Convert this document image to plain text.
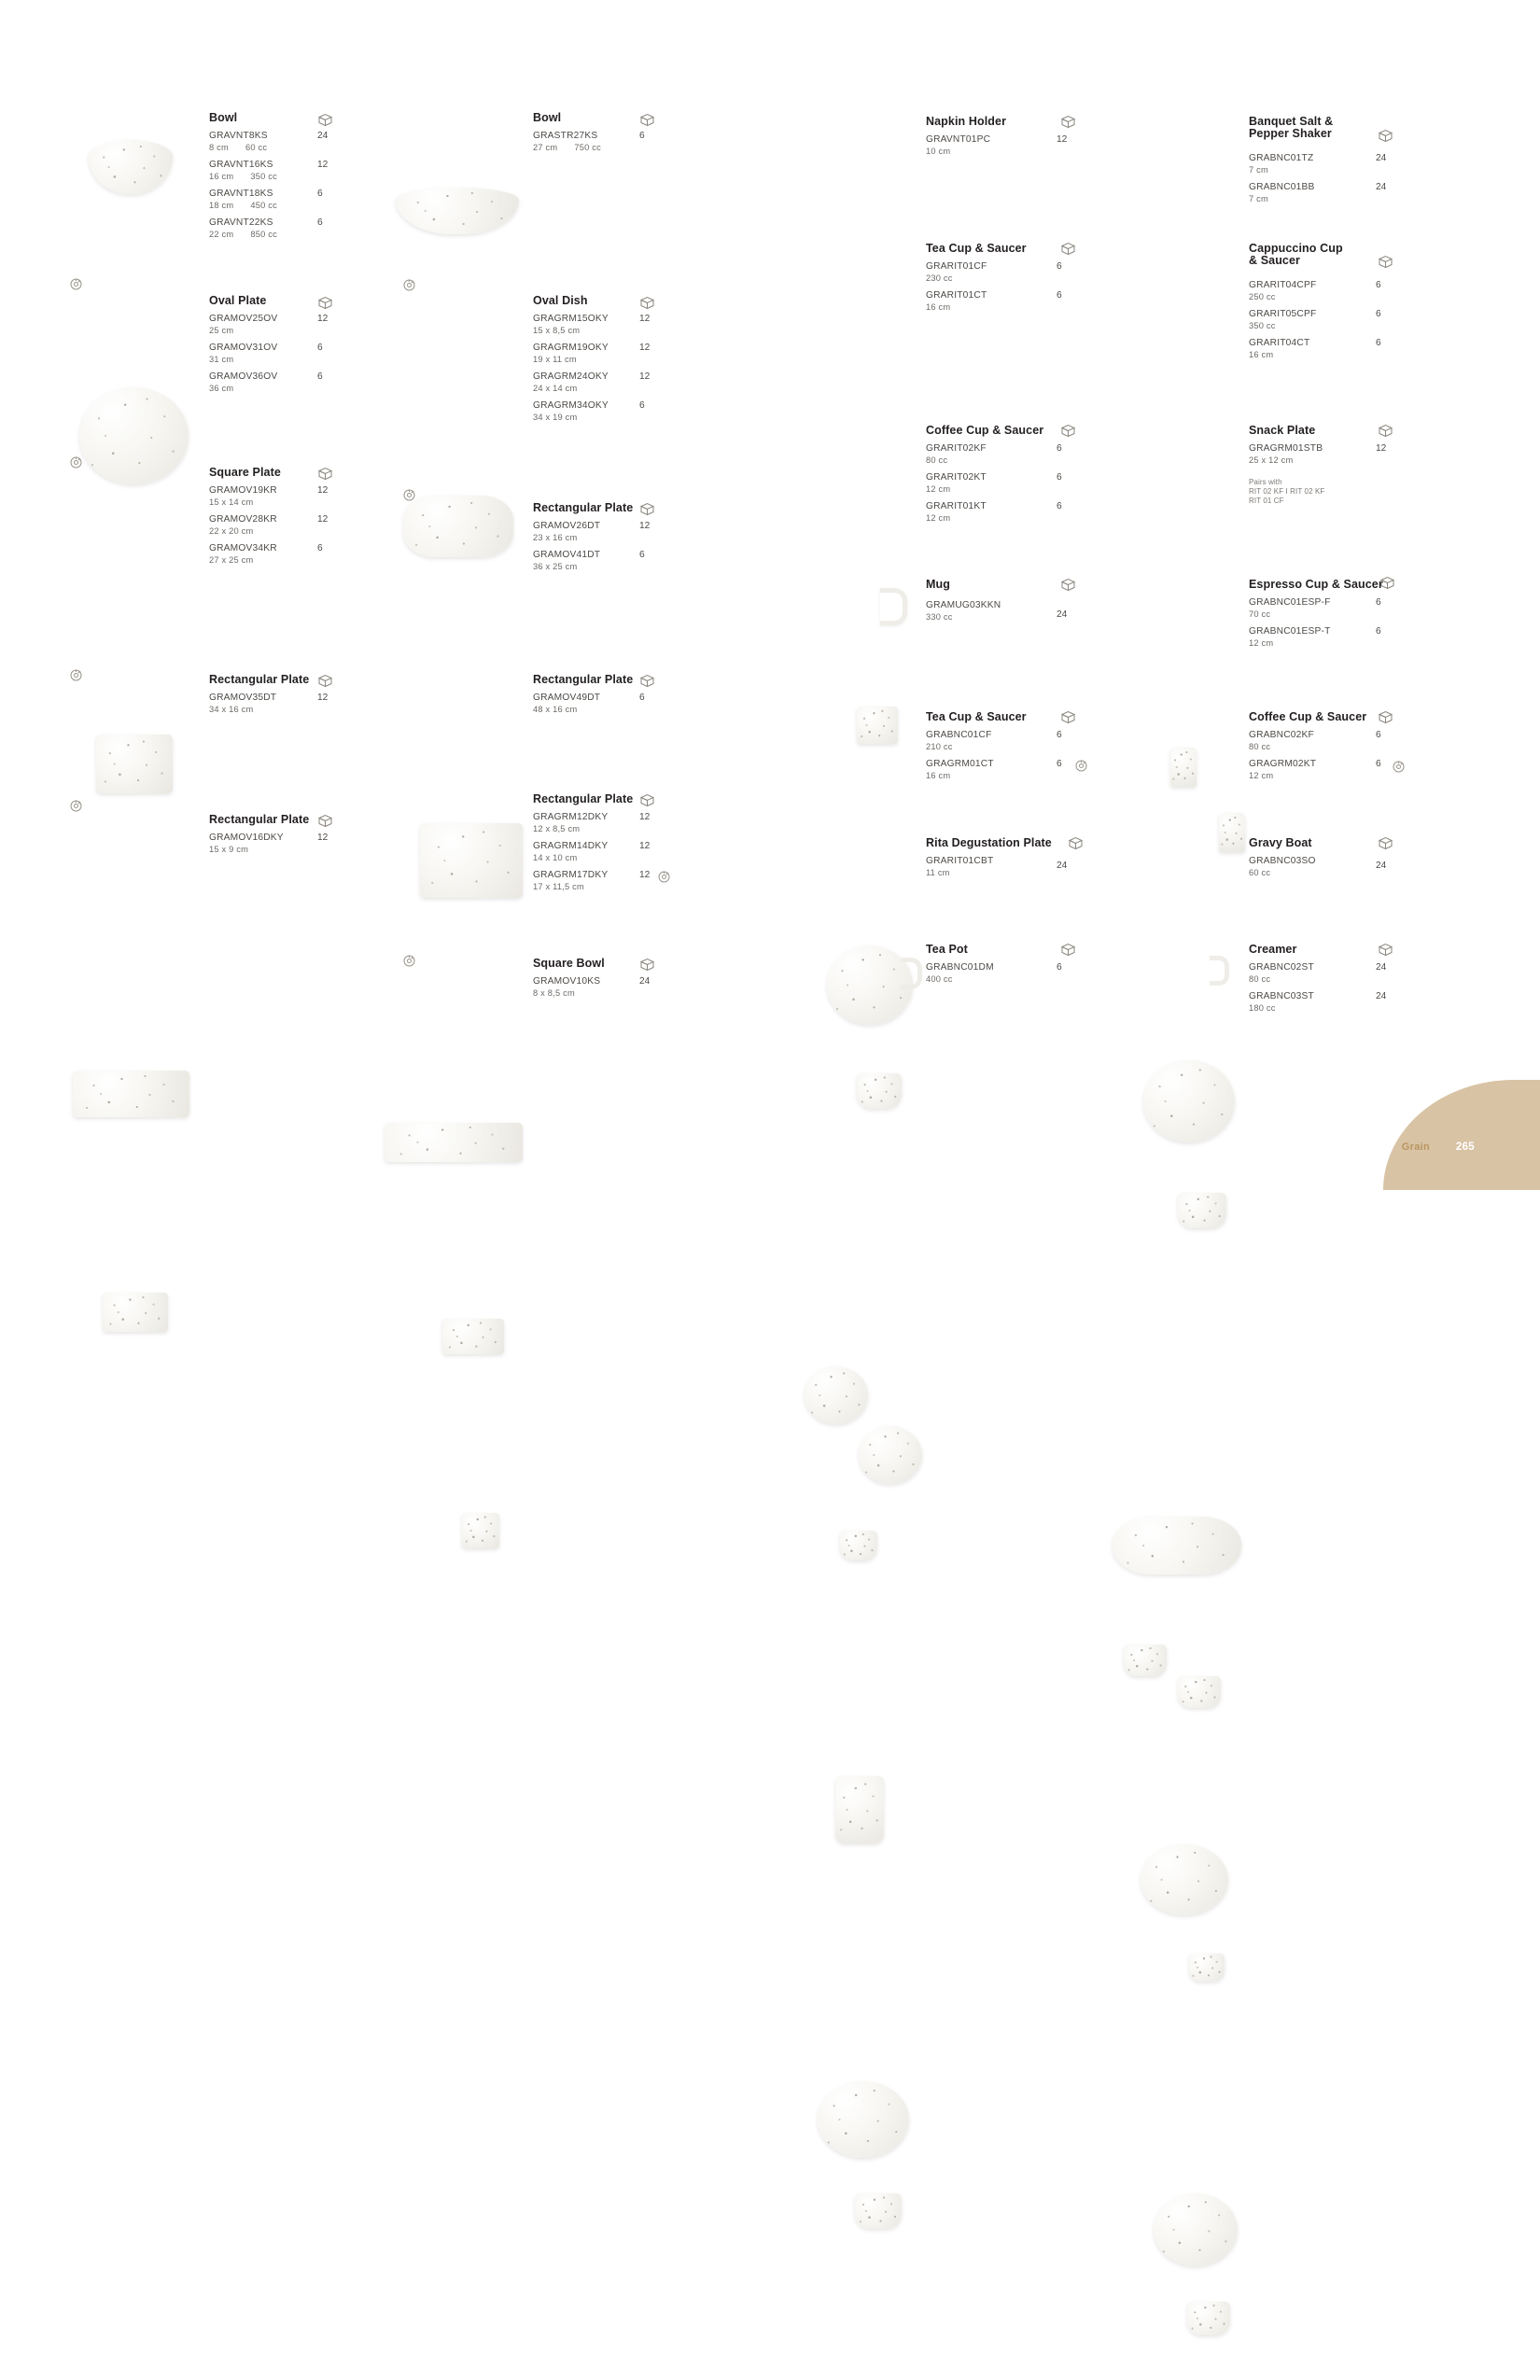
Bowl
GRAVNT8KS
8 cm 60 cc
24
GRAVNT16KS
16 cm 350 cc
12
GRAVNT18KS
18 cm 450 cc
6
GRAVNT22KS
22 cm 850 cc
6
Bowl
GRASTR27KS
27 cm 750 cc
6
Oval Plate
GRAMOV25OV
25 cm
12
GRAMOV31OV
31 cm
6
GRAMOV36OV
36 cm
6
Oval Dish
GRAGRM15OKY
15 x 8,5 cm
12
GRAGRM19OKY
19 x 11 cm
12
GRAGRM24OKY
24 x 14 cm
12
GRAGRM34OKY
34 x 19 cm
6
Square Plate
GRAMOV19KR
15 x 14 cm
12
GRAMOV28KR
22 x 20 cm
12
GRAMOV34KR
27 x 25 cm
6
Rectangular Plate
GRAMOV26DT
23 x 16 cm
12
GRAMOV41DT
36 x 25 cm
6
Rectangular Plate
GRAMOV35DT
34 x 16 cm
12
Rectangular Plate
GRAMOV49DT
48 x 16 cm
6
Rectangular Plate
GRAMOV16DKY
15 x 9 cm
12
Rectangular Plate
GRAGRM12DKY
12 x 8,5 cm
12
GRAGRM14DKY
14 x 10 cm
12
GRAGRM17DKY
17 x 11,5 cm
12
Square Bowl
GRAMOV10KS
8 x 8,5 cm
24
Napkin Holder
GRAVNT01PC
10 cm
12
Banquet Salt & Pepper Shaker
GRABNC01TZ
7 cm
24
GRABNC01BB
7 cm
24
Tea Cup & Saucer
GRARIT01CF
230 cc
6
GRARIT01CT
16 cm
6
Cappuccino Cup & Saucer
GRARIT04CPF
250 cc
6
GRARIT05CPF
350 cc
6
GRARIT04CT
16 cm
6
Coffee Cup & Saucer
GRARIT02KF
80 cc
6
GRARIT02KT
12 cm
6
GRARIT01KT
12 cm
6
Snack Plate
GRAGRM01STB
25 x 12 cm
12
Pairs with
RIT 02 KF I RIT 02 KF
RIT 01 CF
Mug
GRAMUG03KKN
330 cc	24
Espresso Cup & Saucer
GRABNC01ESP-F
70 cc
6
GRABNC01ESP-T
12 cm
6
Tea Cup & Saucer
GRABNC01CF
210 cc
6
GRAGRM01CT
16 cm
6
Coffee Cup & Saucer
GRABNC02KF
80 cc
6
GRAGRM02KT
12 cm
6
Rita Degustation Plate
GRARIT01CBT
11 cm
24
Gravy Boat
GRABNC03SO
60 cc
24
Tea Pot
GRABNC01DM
400 cc
6
Creamer
GRABNC02ST
80 cc
24
GRABNC03ST
180 cc
24
Grain 265
